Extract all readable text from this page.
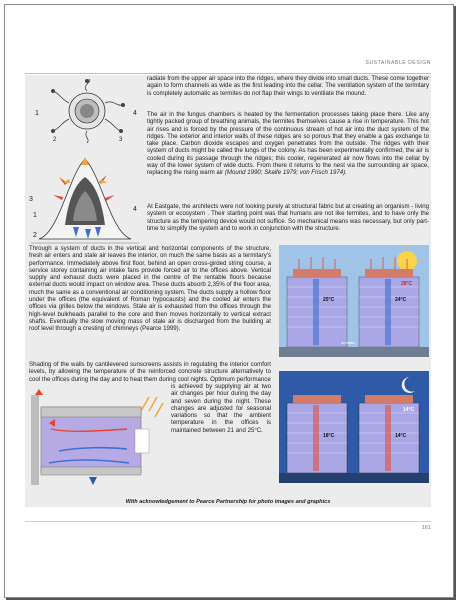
SUSTAINABLE DESIGN
1	4
2	3
3
1
4
2

radiate from the upper air space into the ridges, where they divide into small ducts. These come together again to form channels as wide as the first leading into the cellar. The ventilation system of the termitary is completely automatic as termites do not flap their wings to ventilate the mound.

The air in the fungus chambers is heated by the fermentation processes taking place there. Like any tightly packed group of breathing animals, the termites themselves cause a rise in temperature. This hot air rises and is forced by the pressure of the continuous stream of hot air into the duct system of the ridges. The exterior and interior walls of these ridges are so porous that they enable a gas exchange to take place. Carbon dioxide escapes and oxygen penetrates from the outside. The ridges with their system of ducts might be called the lungs of the colony. As has been experimentally confirmed, the air is cooled during its passage through the ridges; this cooler, regenerated air now flows into the cellar by way of the lower system of wide ducts. From there it returns to the nest via the surrounding air space, replacing the rising warm air (Mound 1990; Skaife 1979; von Frisch 1974).

At Eastgate, the architects were not looking purely at structural fabric but at creating an organism - living system or ecosystem . Their starting point was that humans are not like termites, and to have only the structure as the tempering device would not suffice. So mechanical means was necessary, but only part-time to simplify the system and to work in conjunction with the structure.

Through a system of ducts in the vertical and horizontal components of the structure, fresh air enters and stale air leaves the interior, on much the same basis as a termitary's performance. Immediately above first floor, behind an open cross-girded string course, a service storey containing air intake fans provide forced air to the offices above. Vertical supply and exhaust ducts were placed in the centre of the rentable floors because external ducts would impact on window area. These ducts absorb 2,35% of the floor area, much the same as a conventional air conditioning system. The ducts supply a hollow floor under the offices (the equivalent of Roman hypocausts) and the cooled air enters the offices via grilles below the windows. Stale air is exhausted from the offices through the high-level bulkheads parallel to the core and then moves horizontally to vertical extract shafts. Eventually the slow moving mass of stale air is discharged from the building at roof level through a cresting of chimneys (Pearce 1999).

Shading of the walls by cantilevered sunscreens assists in regulating the interior comfort levels, by allowing the temperature of the reinforced concrete structure alternatively to cool the offices during the day and to heat them during cool nights. Optimum performance

is achieved by supplying air at two air changes per hour during the day and seven during the night. These changes are adjusted for seasonal variations so that the ambient temperature in the offices is maintained between 21 and 25°C.

28°C
25°C	24°C
air intake
14°C
18°C	14°C
With acknowledgement to Pearce Partnership for photo images and graphics
161
